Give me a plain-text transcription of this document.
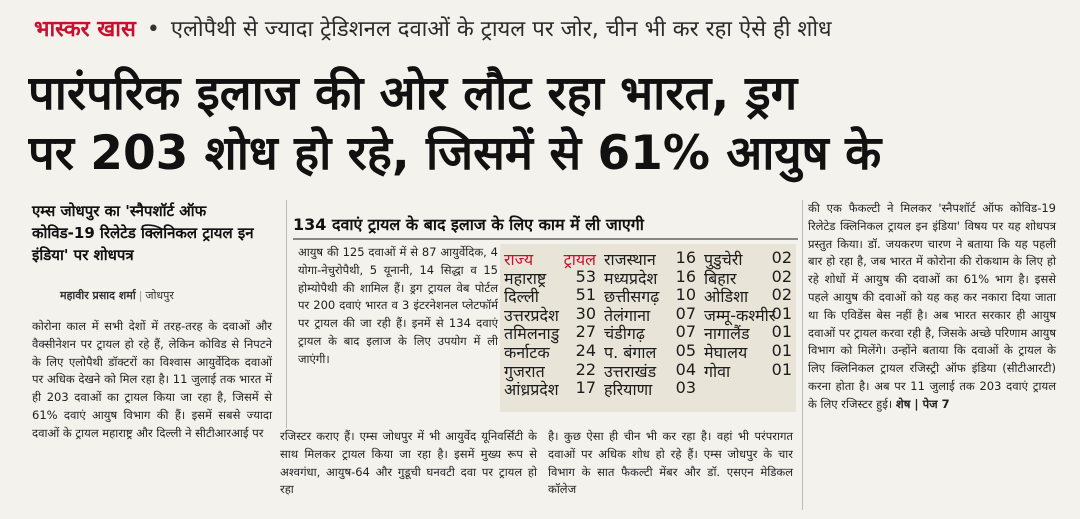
भास्कर खास • एलोपैथी से ज्यादा ट्रेडिशनल दवाओं के ट्रायल पर जोर, चीन भी कर रहा ऐसे ही शोध
पारंपरिक इलाज की ओर लौट रहा भारत, ड्रग
पर 203 शोध हो रहे, जिसमें से 61% आयुष के
एम्स जोधपुर का 'स्नैपशॉर्ट ऑफ कोविड-19 रिलेटेड क्लिनिकल ट्रायल इन इंडिया' पर शोधपत्र
महावीर प्रसाद शर्मा | जोधपुर

कोरोना काल में सभी देशों में तरह-तरह के दवाओं और वैक्सीनेशन पर ट्रायल हो रहे हैं, लेकिन कोविड से निपटने के लिए एलोपैथी डॉक्टरों का विश्वास आयुर्वेदिक दवाओं पर अधिक देखने को मिल रहा है। 11 जुलाई तक भारत में ही 203 दवाओं का ट्रायल किया जा रहा है, जिसमें से 61% दवाएं आयुष विभाग की हैं। इसमें सबसे ज्यादा दवाओं के ट्रायल महाराष्ट्र और दिल्ली ने सीटीआरआई पर

134 दवाएं ट्रायल के बाद इलाज के लिए काम में ली जाएगी

आयुष की 125 दवाओं में से 87 आयुर्वेदिक, 4 योगा-नेचुरोपैथी, 5 यूनानी, 14 सिद्धा व 15 होम्योपैथी की शामिल हैं। ड्रग ट्रायल वेब पोर्टल पर 200 दवाएं भारत व 3 इंटरनेशनल प्लेटफॉर्म पर ट्रायल की जा रही हैं। इनमें से 134 दवाएं ट्रायल के बाद इलाज के लिए उपयोग में ली जाएंगी।

राज्य ट्रायल
महाराष्ट्र 53
दिल्ली 51
उत्तरप्रदेश 30
तमिलनाडु 27
कर्नाटक 24
गुजरात 22
आंध्रप्रदेश 17
राजस्थान 16
मध्यप्रदेश 16
छत्तीसगढ़ 10
तेलंगाना 07
चंडीगढ़ 07
प. बंगाल 05
उत्तराखंड 04
हरियाणा 03
पुडुचेरी 02
बिहार 02
ओडिशा 02
जम्मू-कश्मीर
01
नागालैंड 01
मेघालय 01
गोवा	01

रजिस्टर कराए हैं। एम्स जोधपुर में भी आयुर्वेद यूनिवर्सिटी के साथ मिलकर ट्रायल किया जा रहा है। इसमें मुख्य रूप से अश्वगंधा, आयुष-64 और गुडूची घनवटी दवा पर ट्रायल हो रहा

है। कुछ ऐसा ही चीन भी कर रहा है। वहां भी परंपरागत दवाओं पर अधिक शोध हो रहे हैं। एम्स जोधपुर के चार विभाग के सात फैकल्टी मेंबर और डॉ. एसएन मेडिकल कॉलेज

की एक फैकल्टी ने मिलकर 'स्नैपशॉर्ट ऑफ कोविड-19 रिलेटेड क्लिनिकल ट्रायल इन इंडिया' विषय पर यह शोधपत्र प्रस्तुत किया। डॉ. जयकरण चारण ने बताया कि यह पहली बार हो रहा है, जब भारत में कोरोना की रोकथाम के लिए हो रहे शोधों में आयुष की दवाओं का 61% भाग है। इससे पहले आयुष की दवाओं को यह कह कर नकारा दिया जाता था कि एविडेंस बेस नहीं है। अब भारत सरकार ही आयुष दवाओं पर ट्रायल करवा रही है, जिसके अच्छे परिणाम आयुष विभाग को मिलेंगे। उन्होंने बताया कि दवाओं के ट्रायल के लिए क्लिनिकल ट्रायल रजिस्ट्री ऑफ इंडिया (सीटीआरटी) करना होता है। अब पर 11 जुलाई तक 203 दवाएं ट्रायल के लिए रजिस्टर हुई। शेष | पेज 7
